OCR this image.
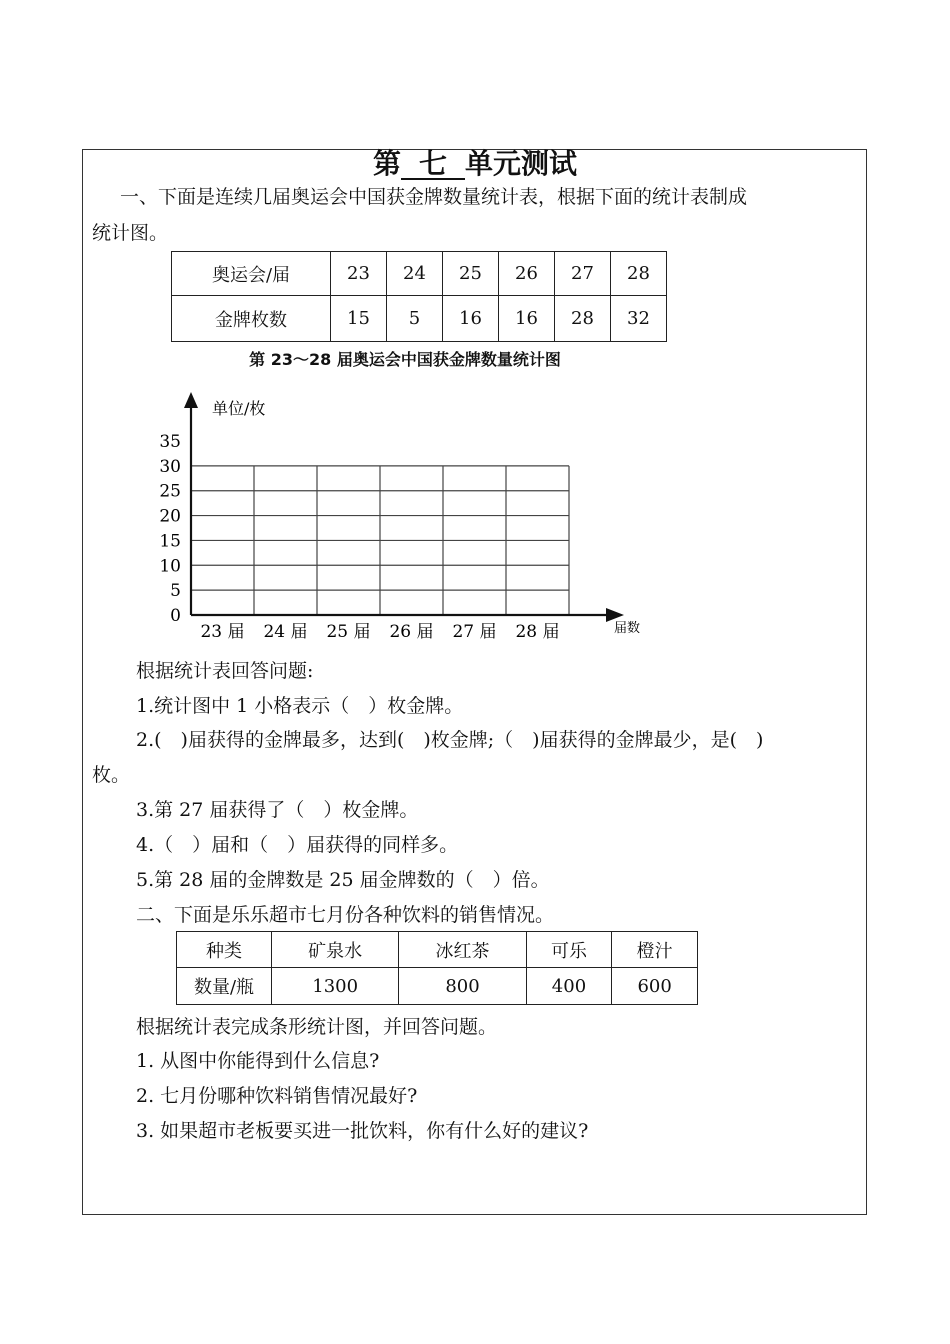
第 七 单元测试
一、下面是连续几届奥运会中国获金牌数量统计表，根据下面的统计表制成
统计图。
奥运会/届	23	24	25	26	27	28
金牌枚数	15	5	16	16	28	32
第 23～28 届奥运会中国获金牌数量统计图
0
5
10
15
20
25
30
35
23 届 24 届 25 届 26 届 27 届 28 届
单位/枚
届数
根据统计表回答问题:
1.统计图中 1 小格表示（　）枚金牌。
2.(　)届获得的金牌最多，达到(　)枚金牌;（　)届获得的金牌最少，是(　)
枚。
3.第 27 届获得了（　）枚金牌。
4.（　）届和（　）届获得的同样多。
5.第 28 届的金牌数是 25 届金牌数的（　）倍。
二、下面是乐乐超市七月份各种饮料的销售情况。
种类	矿泉水	冰红茶	可乐	橙汁
数量/瓶	1300	800	400	600
根据统计表完成条形统计图，并回答问题。
1. 从图中你能得到什么信息?
2. 七月份哪种饮料销售情况最好?
3. 如果超市老板要买进一批饮料，你有什么好的建议?
